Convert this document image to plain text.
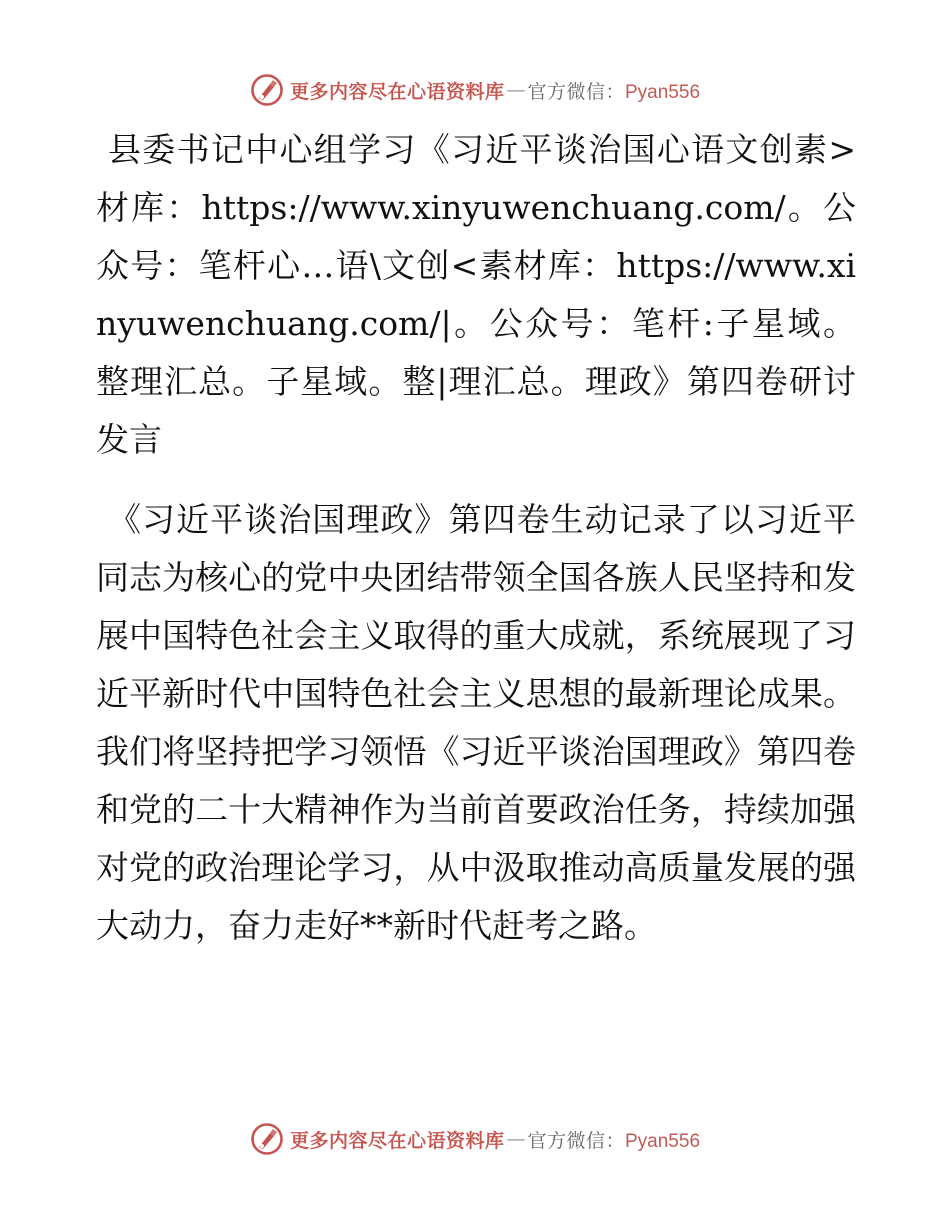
更多内容尽在心语资料库 — 官方微信：Pyan556

县委书记中心组学习《习近平谈治国心语文创素>材库：https://www.xinyuwenchuang.com/。公众号：笔杆心…语\文创<素材库：https://www.xinyuwenchuang.com/|。公众号：笔杆:子星域。整理汇总。子星域。整|理汇总。理政》第四卷研讨发言

《习近平谈治国理政》第四卷生动记录了以习近平同志为核心的党中央团结带领全国各族人民坚持和发展中国特色社会主义取得的重大成就，系统展现了习近平新时代中国特色社会主义思想的最新理论成果。我们将坚持把学习领悟《习近平谈治国理政》第四卷和党的二十大精神作为当前首要政治任务，持续加强对党的政治理论学习，从中汲取推动高质量发展的强大动力，奋力走好**新时代赶考之路。

更多内容尽在心语资料库 — 官方微信：Pyan556
